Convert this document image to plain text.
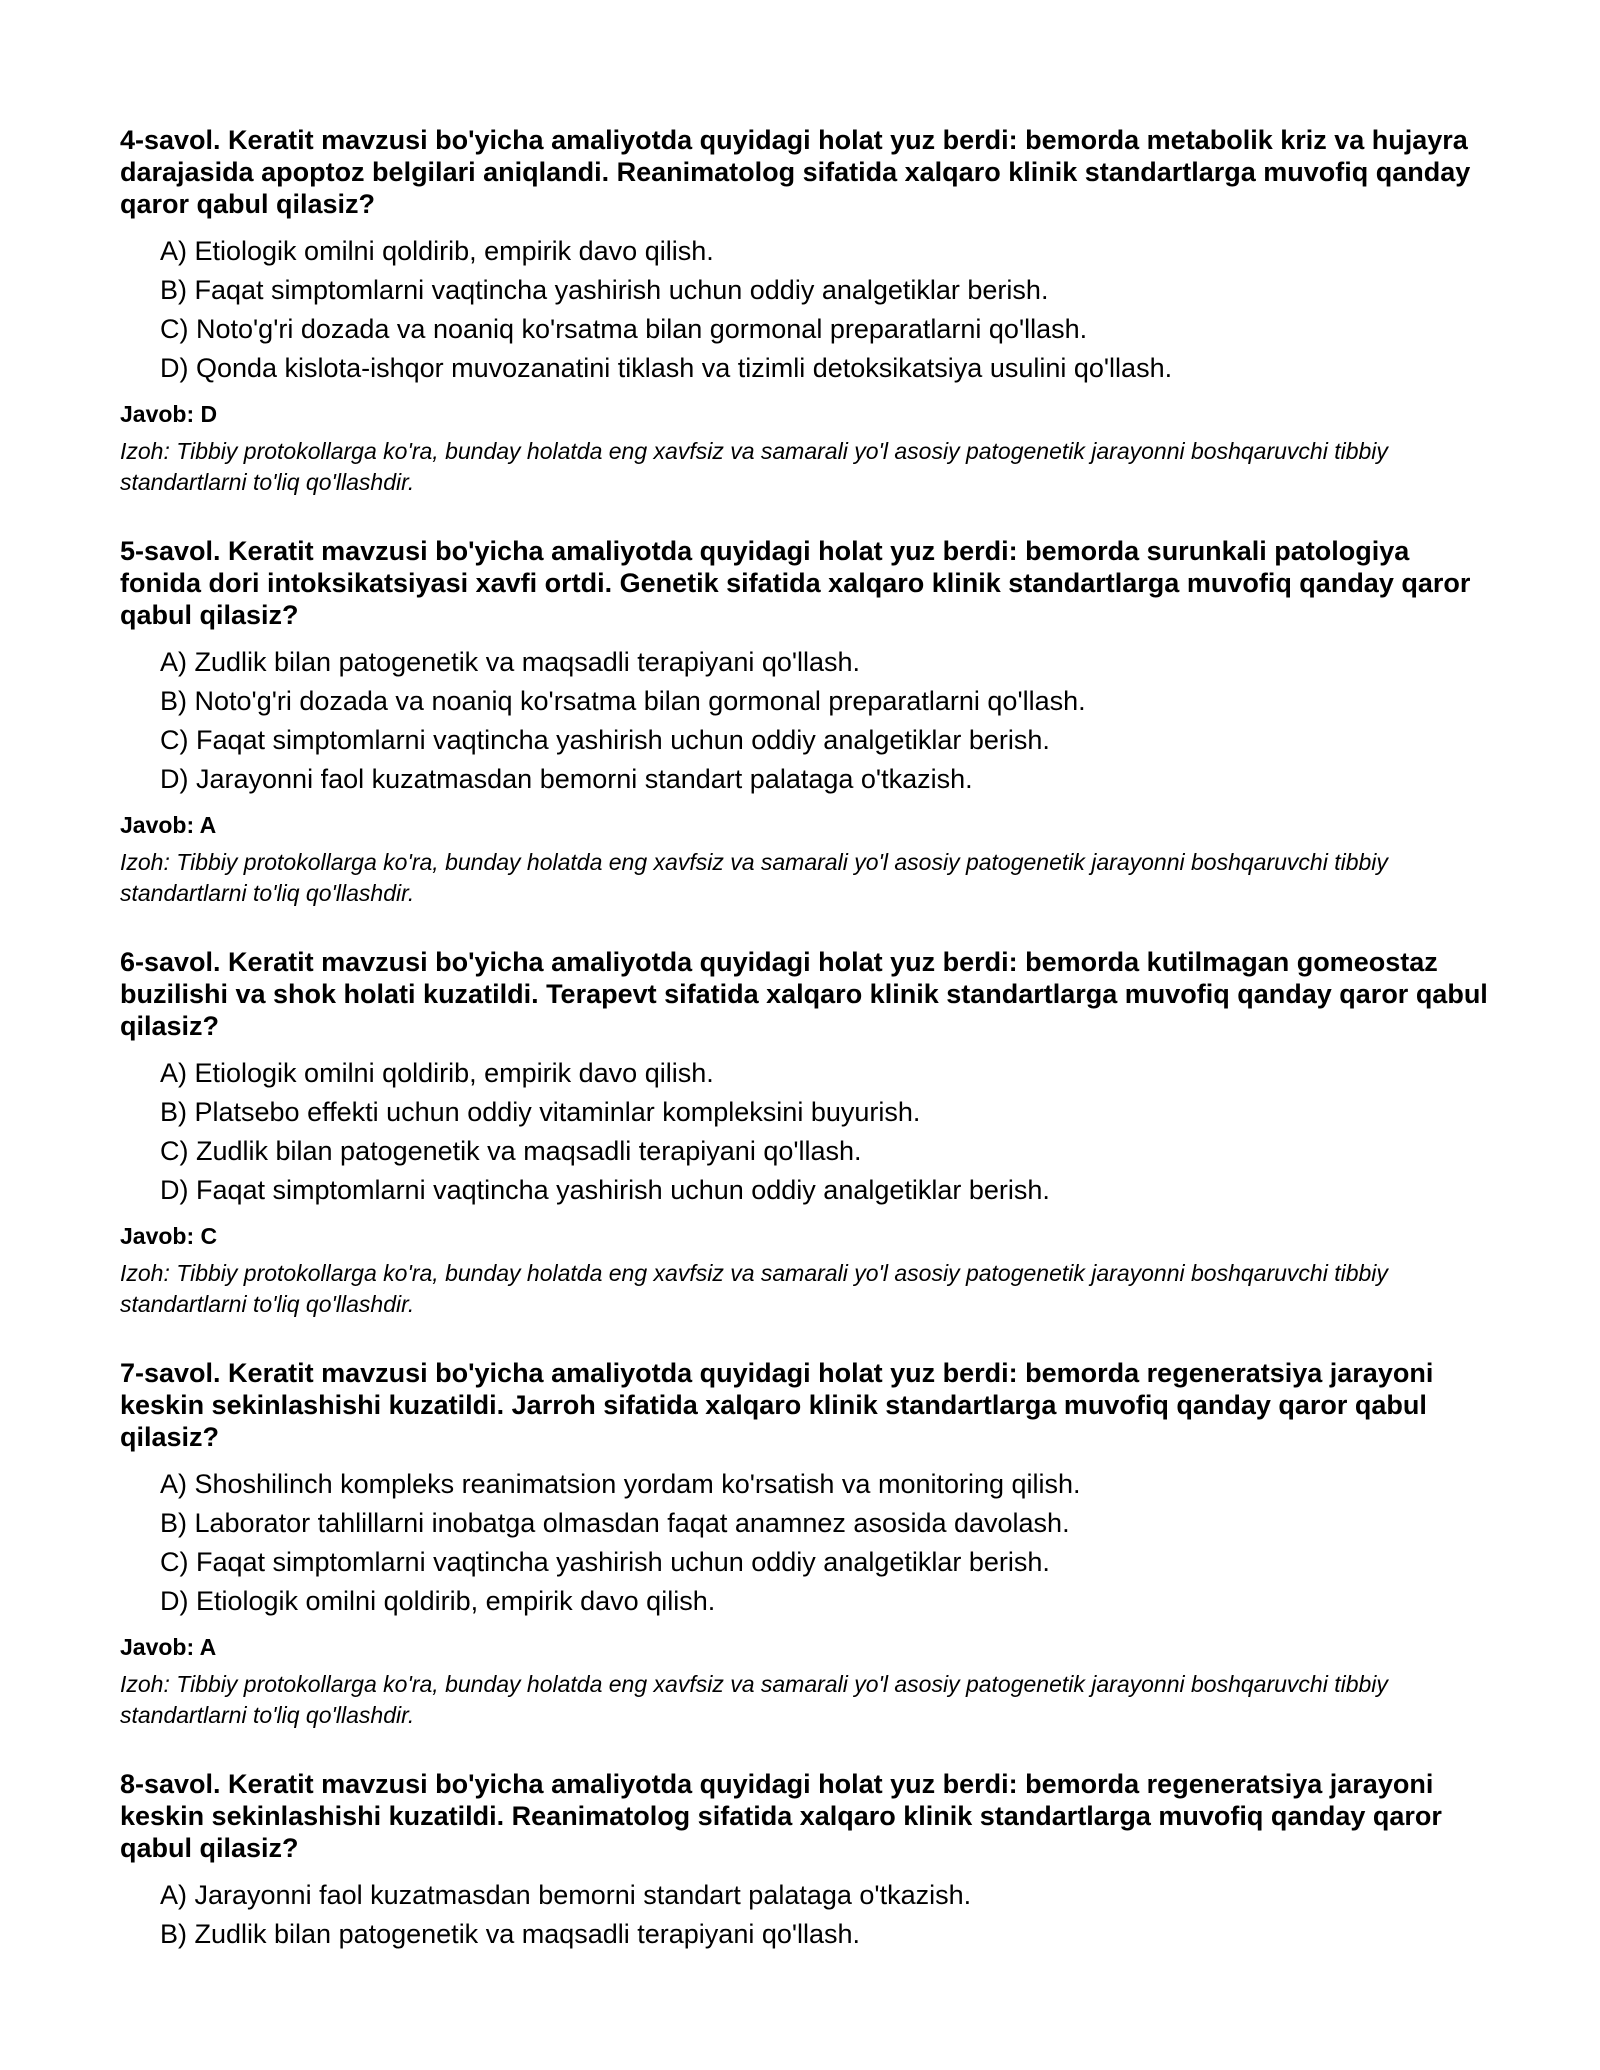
4-savol. Keratit mavzusi bo'yicha amaliyotda quyidagi holat yuz berdi: bemorda metabolik kriz va hujayra darajasida apoptoz belgilari aniqlandi. Reanimatolog sifatida xalqaro klinik standartlarga muvofiq qanday qaror qabul qilasiz?

A) Etiologik omilni qoldirib, empirik davo qilish.

B) Faqat simptomlarni vaqtincha yashirish uchun oddiy analgetiklar berish.

C) Noto'g'ri dozada va noaniq ko'rsatma bilan gormonal preparatlarni qo'llash.

D) Qonda kislota-ishqor muvozanatini tiklash va tizimli detoksikatsiya usulini qo'llash.

Javob: D

Izoh: Tibbiy protokollarga ko'ra, bunday holatda eng xavfsiz va samarali yo'l asosiy patogenetik jarayonni boshqaruvchi tibbiy standartlarni to'liq qo'llashdir.

5-savol. Keratit mavzusi bo'yicha amaliyotda quyidagi holat yuz berdi: bemorda surunkali patologiya fonida dori intoksikatsiyasi xavfi ortdi. Genetik sifatida xalqaro klinik standartlarga muvofiq qanday qaror qabul qilasiz?

A) Zudlik bilan patogenetik va maqsadli terapiyani qo'llash.

B) Noto'g'ri dozada va noaniq ko'rsatma bilan gormonal preparatlarni qo'llash.

C) Faqat simptomlarni vaqtincha yashirish uchun oddiy analgetiklar berish.

D) Jarayonni faol kuzatmasdan bemorni standart palataga o'tkazish.

Javob: A

Izoh: Tibbiy protokollarga ko'ra, bunday holatda eng xavfsiz va samarali yo'l asosiy patogenetik jarayonni boshqaruvchi tibbiy standartlarni to'liq qo'llashdir.

6-savol. Keratit mavzusi bo'yicha amaliyotda quyidagi holat yuz berdi: bemorda kutilmagan gomeostaz buzilishi va shok holati kuzatildi. Terapevt sifatida xalqaro klinik standartlarga muvofiq qanday qaror qabul qilasiz?

A) Etiologik omilni qoldirib, empirik davo qilish.

B) Platsebo effekti uchun oddiy vitaminlar kompleksini buyurish.

C) Zudlik bilan patogenetik va maqsadli terapiyani qo'llash.

D) Faqat simptomlarni vaqtincha yashirish uchun oddiy analgetiklar berish.

Javob: C

Izoh: Tibbiy protokollarga ko'ra, bunday holatda eng xavfsiz va samarali yo'l asosiy patogenetik jarayonni boshqaruvchi tibbiy standartlarni to'liq qo'llashdir.

7-savol. Keratit mavzusi bo'yicha amaliyotda quyidagi holat yuz berdi: bemorda regeneratsiya jarayoni keskin sekinlashishi kuzatildi. Jarroh sifatida xalqaro klinik standartlarga muvofiq qanday qaror qabul qilasiz?

A) Shoshilinch kompleks reanimatsion yordam ko'rsatish va monitoring qilish.

B) Laborator tahlillarni inobatga olmasdan faqat anamnez asosida davolash.

C) Faqat simptomlarni vaqtincha yashirish uchun oddiy analgetiklar berish.

D) Etiologik omilni qoldirib, empirik davo qilish.

Javob: A

Izoh: Tibbiy protokollarga ko'ra, bunday holatda eng xavfsiz va samarali yo'l asosiy patogenetik jarayonni boshqaruvchi tibbiy standartlarni to'liq qo'llashdir.

8-savol. Keratit mavzusi bo'yicha amaliyotda quyidagi holat yuz berdi: bemorda regeneratsiya jarayoni keskin sekinlashishi kuzatildi. Reanimatolog sifatida xalqaro klinik standartlarga muvofiq qanday qaror qabul qilasiz?

A) Jarayonni faol kuzatmasdan bemorni standart palataga o'tkazish.

B) Zudlik bilan patogenetik va maqsadli terapiyani qo'llash.
